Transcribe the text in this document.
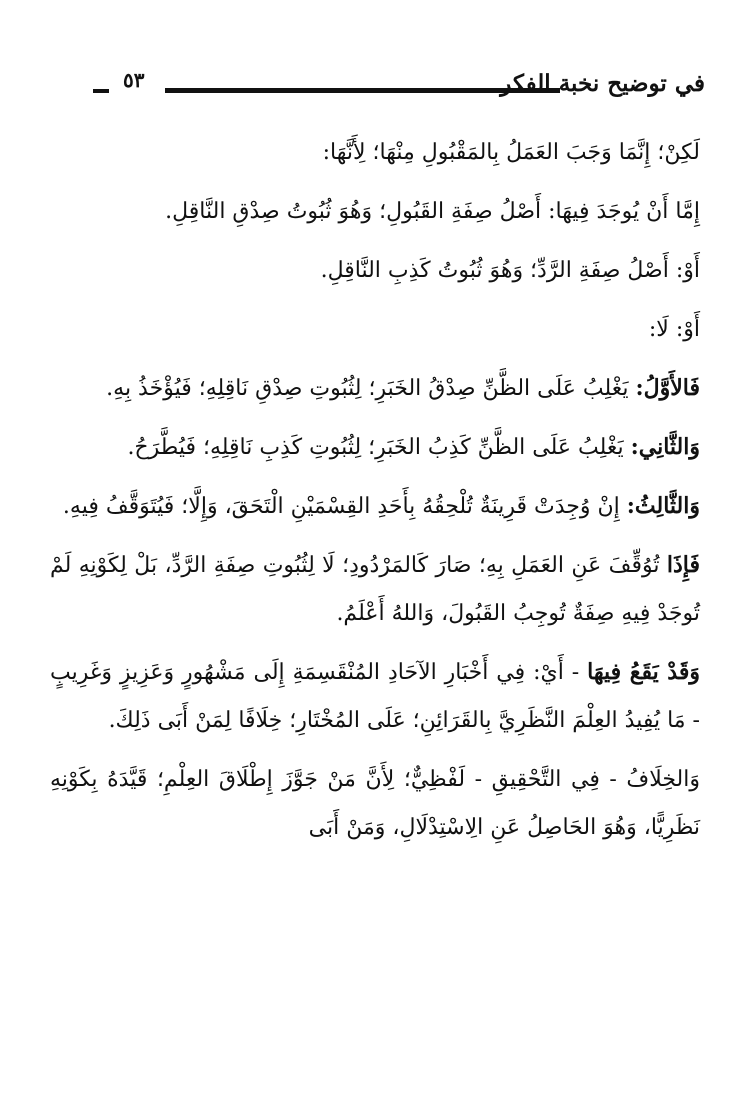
٥٣	في توضيح نخبة الفكر

لَكِنْ؛ إِنَّمَا وَجَبَ العَمَلُ بِالمَقْبُولِ مِنْهَا؛ لِأَنَّهَا:

إِمَّا أَنْ يُوجَدَ فِيهَا: أَصْلُ صِفَةِ القَبُولِ؛ وَهُوَ ثُبُوتُ صِدْقِ النَّاقِلِ.

أَوْ: أَصْلُ صِفَةِ الرَّدِّ؛ وَهُوَ ثُبُوتُ كَذِبِ النَّاقِلِ.

أَوْ: لَا:

فَالأَوَّلُ: يَغْلِبُ عَلَى الظَّنِّ صِدْقُ الخَبَرِ؛ لِثُبُوتِ صِدْقِ نَاقِلِهِ؛ فَيُؤْخَذُ بِهِ.

وَالثَّانِي: يَغْلِبُ عَلَى الظَّنِّ كَذِبُ الخَبَرِ؛ لِثُبُوتِ كَذِبِ نَاقِلِهِ؛ فَيُطَّرَحُ.

وَالثَّالِثُ: إِنْ وُجِدَتْ قَرِينَةٌ تُلْحِقُهُ بِأَحَدِ القِسْمَيْنِ الْتَحَقَ، وَإِلَّا؛ فَيُتَوَقَّفُ فِيهِ.

فَإِذَا تُوُقِّفَ عَنِ العَمَلِ بِهِ؛ صَارَ كَالمَرْدُودِ؛ لَا لِثُبُوتِ صِفَةِ الرَّدِّ، بَلْ لِكَوْنِهِ لَمْ تُوجَدْ فِيهِ صِفَةٌ تُوجِبُ القَبُولَ، وَاللهُ أَعْلَمُ.

وَقَدْ يَقَعُ فِيهَا - أَيْ: فِي أَخْبَارِ الآحَادِ المُنْقَسِمَةِ إِلَى مَشْهُورٍ وَعَزِيزٍ وَغَرِيبٍ - مَا يُفِيدُ العِلْمَ النَّظَرِيَّ بِالقَرَائِنِ؛ عَلَى المُخْتَارِ؛ خِلَافًا لِمَنْ أَبَى ذَلِكَ.

وَالخِلَافُ - فِي التَّحْقِيقِ - لَفْظِيٌّ؛ لِأَنَّ مَنْ جَوَّزَ إِطْلَاقَ العِلْمِ؛ قَيَّدَهُ بِكَوْنِهِ نَظَرِيًّا، وَهُوَ الحَاصِلُ عَنِ الِاسْتِدْلَالِ، وَمَنْ أَبَى
